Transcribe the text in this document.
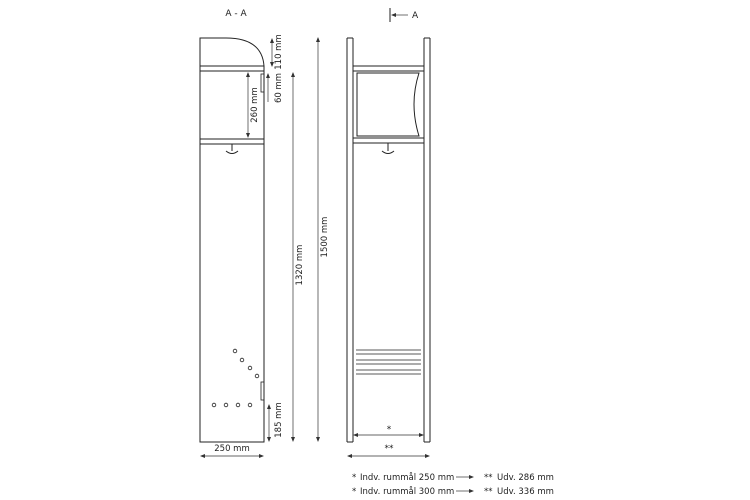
A - A
110 mm
60 mm
260 mm
1320 mm
1500 mm
185 mm
250 mm
A
*
**
* Indv. rummål 250 mm	** Udv. 286 mm
* Indv. rummål 300 mm	** Udv. 336 mm
